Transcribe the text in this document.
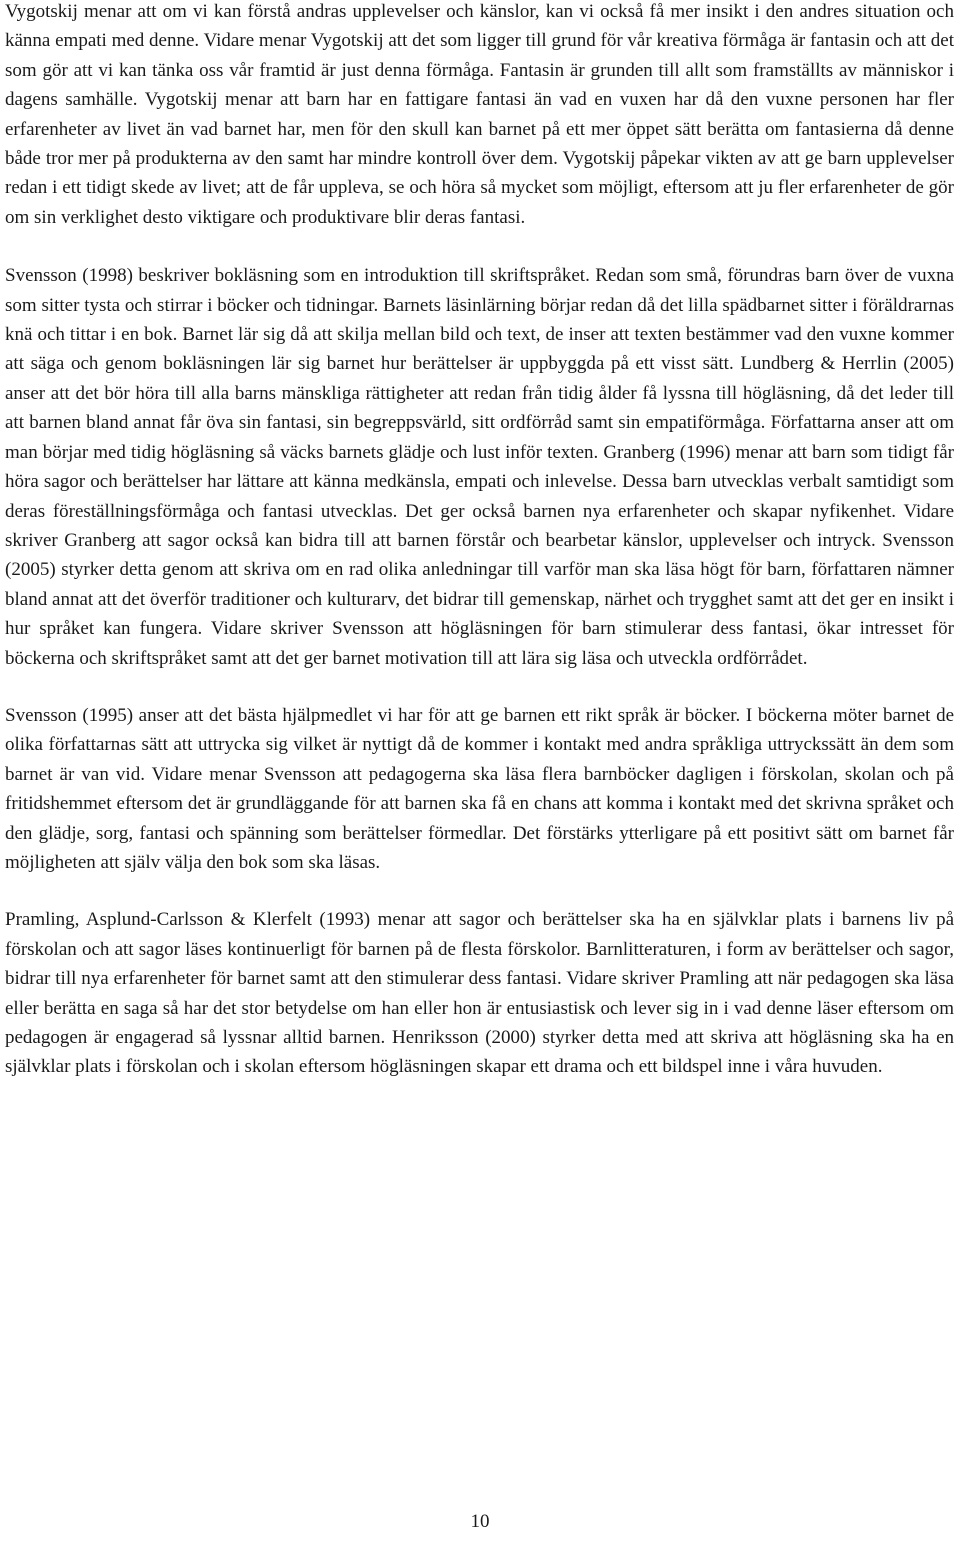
Vygotskij menar att om vi kan förstå andras upplevelser och känslor, kan vi också få mer insikt i den andres situation och känna empati med denne. Vidare menar Vygotskij att det som ligger till grund för vår kreativa förmåga är fantasin och att det som gör att vi kan tänka oss vår framtid är just denna förmåga. Fantasin är grunden till allt som framställts av människor i dagens samhälle. Vygotskij menar att barn har en fattigare fantasi än vad en vuxen har då den vuxne personen har fler erfarenheter av livet än vad barnet har, men för den skull kan barnet på ett mer öppet sätt berätta om fantasierna då denne både tror mer på produkterna av den samt har mindre kontroll över dem. Vygotskij påpekar vikten av att ge barn upplevelser redan i ett tidigt skede av livet; att de får uppleva, se och höra så mycket som möjligt, eftersom att ju fler erfarenheter de gör om sin verklighet desto viktigare och produktivare blir deras fantasi.

Svensson (1998) beskriver bokläsning som en introduktion till skriftspråket. Redan som små, förundras barn över de vuxna som sitter tysta och stirrar i böcker och tidningar. Barnets läsinlärning börjar redan då det lilla spädbarnet sitter i föräldrarnas knä och tittar i en bok. Barnet lär sig då att skilja mellan bild och text, de inser att texten bestämmer vad den vuxne kommer att säga och genom bokläsningen lär sig barnet hur berättelser är uppbyggda på ett visst sätt. Lundberg & Herrlin (2005) anser att det bör höra till alla barns mänskliga rättigheter att redan från tidig ålder få lyssna till högläsning, då det leder till att barnen bland annat får öva sin fantasi, sin begreppsvärld, sitt ordförråd samt sin empatiförmåga. Författarna anser att om man börjar med tidig högläsning så väcks barnets glädje och lust inför texten. Granberg (1996) menar att barn som tidigt får höra sagor och berättelser har lättare att känna medkänsla, empati och inlevelse. Dessa barn utvecklas verbalt samtidigt som deras föreställningsförmåga och fantasi utvecklas. Det ger också barnen nya erfarenheter och skapar nyfikenhet. Vidare skriver Granberg att sagor också kan bidra till att barnen förstår och bearbetar känslor, upplevelser och intryck. Svensson (2005) styrker detta genom att skriva om en rad olika anledningar till varför man ska läsa högt för barn, författaren nämner bland annat att det överför traditioner och kulturarv, det bidrar till gemenskap, närhet och trygghet samt att det ger en insikt i hur språket kan fungera. Vidare skriver Svensson att högläsningen för barn stimulerar dess fantasi, ökar intresset för böckerna och skriftspråket samt att det ger barnet motivation till att lära sig läsa och utveckla ordförrådet.

Svensson (1995) anser att det bästa hjälpmedlet vi har för att ge barnen ett rikt språk är böcker. I böckerna möter barnet de olika författarnas sätt att uttrycka sig vilket är nyttigt då de kommer i kontakt med andra språkliga uttryckssätt än dem som barnet är van vid. Vidare menar Svensson att pedagogerna ska läsa flera barnböcker dagligen i förskolan, skolan och på fritidshemmet eftersom det är grundläggande för att barnen ska få en chans att komma i kontakt med det skrivna språket och den glädje, sorg, fantasi och spänning som berättelser förmedlar. Det förstärks ytterligare på ett positivt sätt om barnet får möjligheten att själv välja den bok som ska läsas.

Pramling, Asplund-Carlsson & Klerfelt (1993) menar att sagor och berättelser ska ha en självklar plats i barnens liv på förskolan och att sagor läses kontinuerligt för barnen på de flesta förskolor. Barnlitteraturen, i form av berättelser och sagor, bidrar till nya erfarenheter för barnet samt att den stimulerar dess fantasi. Vidare skriver Pramling att när pedagogen ska läsa eller berätta en saga så har det stor betydelse om han eller hon är entusiastisk och lever sig in i vad denne läser eftersom om pedagogen är engagerad så lyssnar alltid barnen. Henriksson (2000) styrker detta med att skriva att högläsning ska ha en självklar plats i förskolan och i skolan eftersom högläsningen skapar ett drama och ett bildspel inne i våra huvuden.

10
